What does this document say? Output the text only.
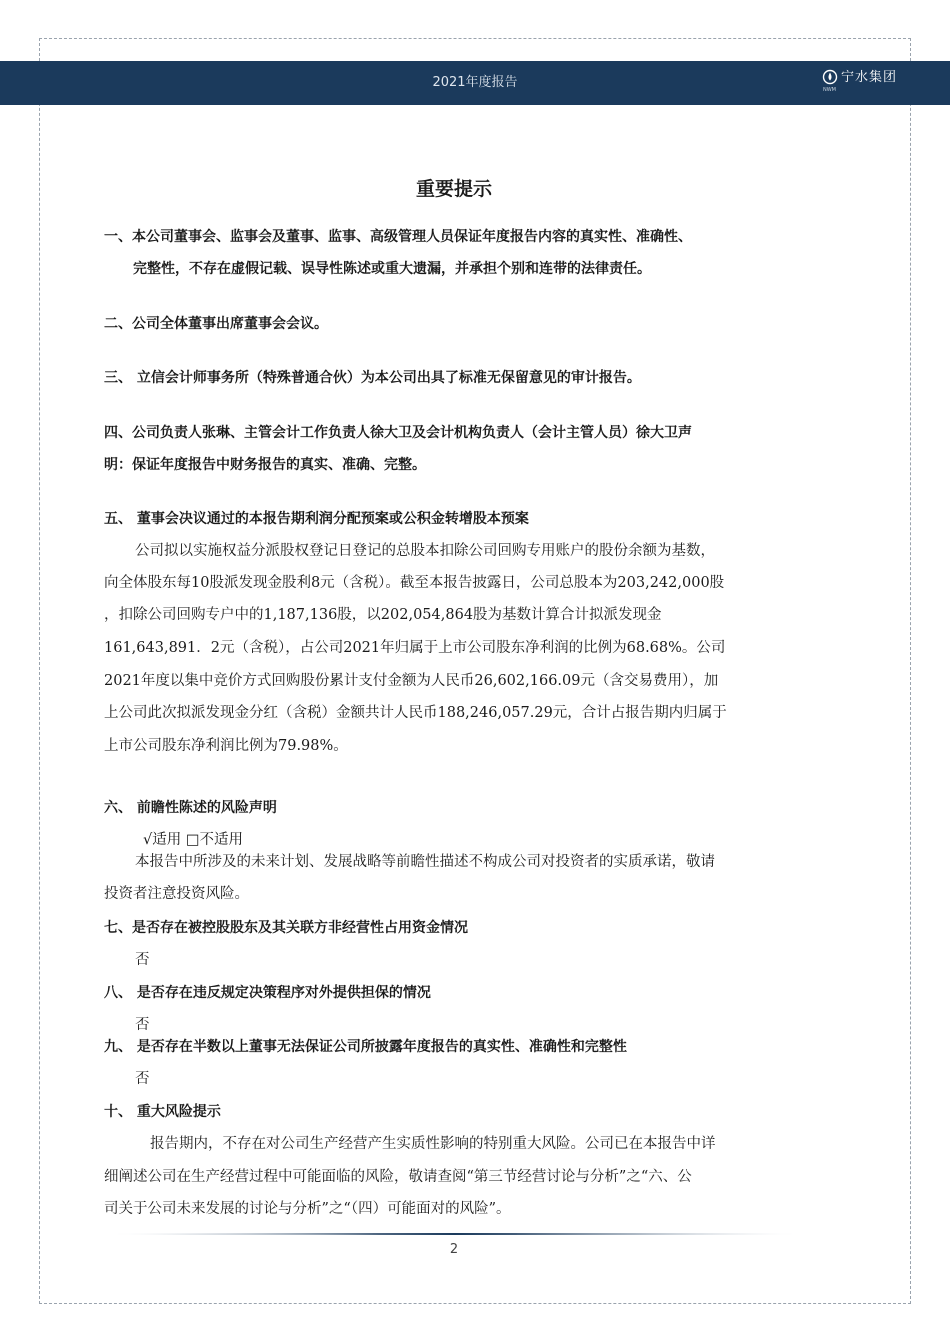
2021年度报告	宁水集团
NWM
重要提示
一、本公司董事会、监事会及董事、监事、高级管理人员保证年度报告内容的真实性、准确性、
完整性，不存在虚假记载、误导性陈述或重大遗漏，并承担个别和连带的法律责任。
二、公司全体董事出席董事会会议。
三、 立信会计师事务所（特殊普通合伙）为本公司出具了标准无保留意见的审计报告。
四、公司负责人张琳、主管会计工作负责人徐大卫及会计机构负责人（会计主管人员）徐大卫声
明：保证年度报告中财务报告的真实、准确、完整。
五、 董事会决议通过的本报告期利润分配预案或公积金转增股本预案
公司拟以实施权益分派股权登记日登记的总股本扣除公司回购专用账户的股份余额为基数，
向全体股东每10股派发现金股利8元（含税）。截至本报告披露日，公司总股本为203,242,000股
，扣除公司回购专户中的1,187,136股，以202,054,864股为基数计算合计拟派发现金
161,643,891．2元（含税），占公司2021年归属于上市公司股东净利润的比例为68.68%。公司
2021年度以集中竞价方式回购股份累计支付金额为人民币26,602,166.09元（含交易费用），加
上公司此次拟派发现金分红（含税）金额共计人民币188,246,057.29元，合计占报告期内归属于
上市公司股东净利润比例为79.98%。
六、 前瞻性陈述的风险声明
√适用 □不适用
本报告中所涉及的未来计划、发展战略等前瞻性描述不构成公司对投资者的实质承诺，敬请
投资者注意投资风险。
七、是否存在被控股股东及其关联方非经营性占用资金情况
否
八、 是否存在违反规定决策程序对外提供担保的情况
否
九、 是否存在半数以上董事无法保证公司所披露年度报告的真实性、准确性和完整性
否
十、 重大风险提示
报告期内，不存在对公司生产经营产生实质性影响的特别重大风险。公司已在本报告中详
细阐述公司在生产经营过程中可能面临的风险，敬请查阅“第三节经营讨论与分析”之“六、公
司关于公司未来发展的讨论与分析”之“（四）可能面对的风险”。
2
